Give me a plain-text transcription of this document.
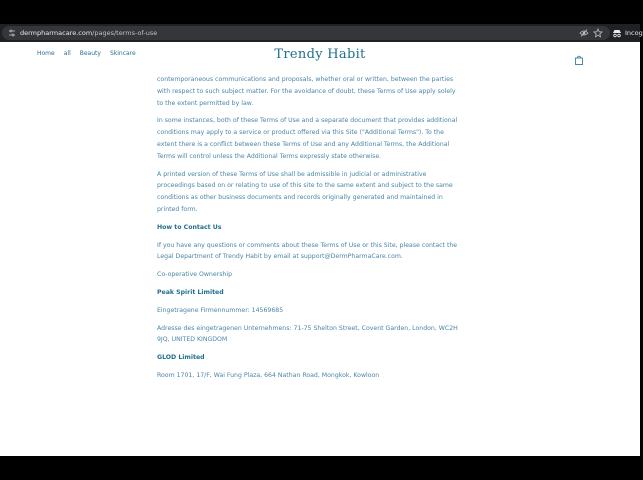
dermpharmacare.com/pages/terms-of-use	Incog
Home all Beauty Skincare	Trendy Habit

contemporaneous communications and proposals, whether oral or written, between the parties with respect to such subject matter. For the avoidance of doubt, these Terms of Use apply solely to the extent permitted by law.

In some instances, both of these Terms of Use and a separate document that provides additional conditions may apply to a service or product offered via this Site ("Additional Terms"). To the extent there is a conflict between these Terms of Use and any Additional Terms, the Additional Terms will control unless the Additional Terms expressly state otherwise.

A printed version of these Terms of Use shall be admissible in judicial or administrative proceedings based on or relating to use of this site to the same extent and subject to the same conditions as other business documents and records originally generated and maintained in printed form.

How to Contact Us

If you have any questions or comments about these Terms of Use or this Site, please contact the Legal Department of Trendy Habit by email at support@DermPharmaCare.com.

Co-operative Ownership

Peak Spirit Limited

Eingetragene Firmennummer: 14569685

Adresse des eingetragenen Unternehmens: 71-75 Shelton Street, Covent Garden, London, WC2H 9JQ, UNITED KINGDOM

GLOD Limited

Room 1701, 17/F, Wai Fung Plaza, 664 Nathan Road, Mongkok, Kowloon
